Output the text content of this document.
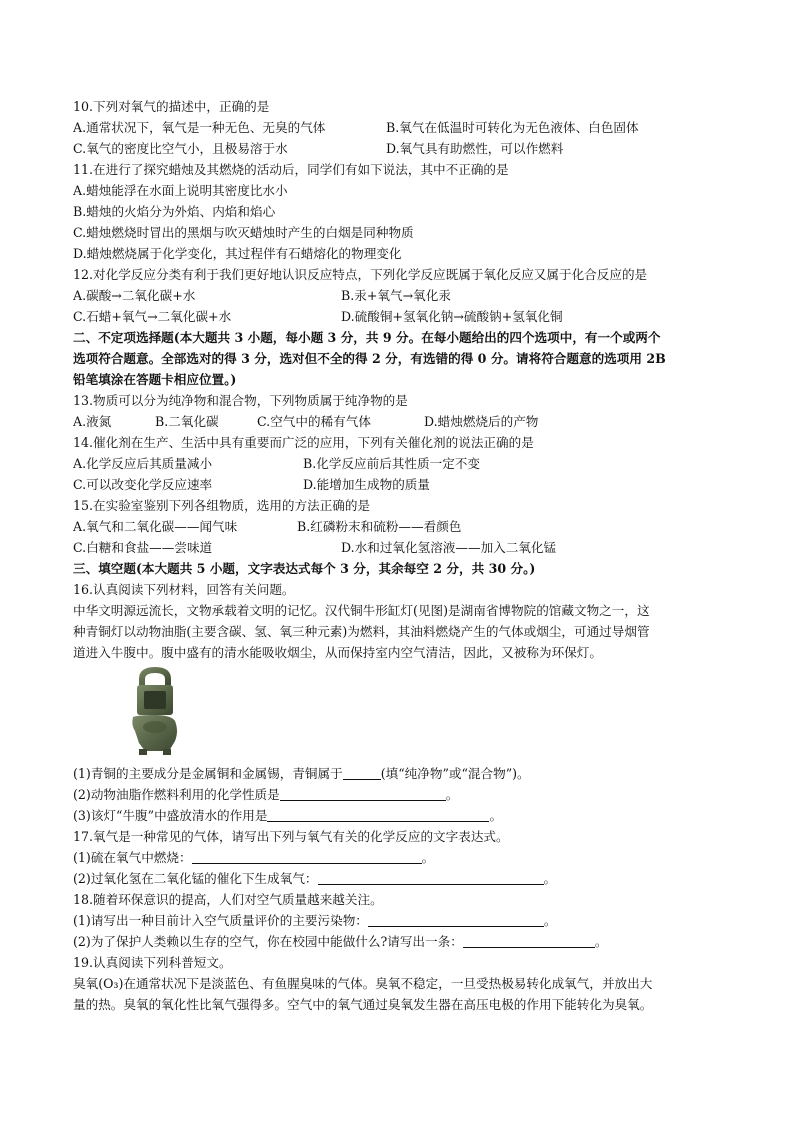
10.下列对氧气的描述中，正确的是
A.通常状况下，氧气是一种无色、无臭的气体	B.氧气在低温时可转化为无色液体、白色固体
C.氧气的密度比空气小，且极易溶于水	D.氧气具有助燃性，可以作燃料
11.在进行了探究蜡烛及其燃烧的活动后，同学们有如下说法，其中不正确的是
A.蜡烛能浮在水面上说明其密度比水小
B.蜡烛的火焰分为外焰、内焰和焰心
C.蜡烛燃烧时冒出的黑烟与吹灭蜡烛时产生的白烟是同种物质
D.蜡烛燃烧属于化学变化，其过程伴有石蜡熔化的物理变化
12.对化学反应分类有利于我们更好地认识反应特点，下列化学反应既属于氧化反应又属于化合反应的是
A.碳酸→二氧化碳+水	B.汞+氧气→氧化汞
C.石蜡+氧气→二氧化碳+水	D.硫酸铜+氢氧化钠→硫酸钠+氢氧化铜
二、不定项选择题(本大题共 3 小题，每小题 3 分，共 9 分。在每小题给出的四个选项中，有一个或两个
选项符合题意。全部选对的得 3 分，选对但不全的得 2 分，有选错的得 0 分。请将符合题意的选项用 2B
铅笔填涂在答题卡相应位置。)
13.物质可以分为纯净物和混合物，下列物质属于纯净物的是
A.液氮	B.二氧化碳	C.空气中的稀有气体	D.蜡烛燃烧后的产物
14.催化剂在生产、生活中具有重要而广泛的应用，下列有关催化剂的说法正确的是
A.化学反应后其质量减小	B.化学反应前后其性质一定不变
C.可以改变化学反应速率	D.能增加生成物的质量
15.在实验室鉴别下列各组物质，选用的方法正确的是
A.氧气和二氧化碳——闻气味	B.红磷粉末和硫粉——看颜色
C.白糖和食盐——尝味道	D.水和过氧化氢溶液——加入二氧化锰
三、填空题(本大题共 5 小题，文字表达式每个 3 分，其余每空 2 分，共 30 分。)
16.认真阅读下列材料，回答有关问题。
中华文明源远流长，文物承载着文明的记忆。汉代铜牛形缸灯(见图)是湖南省博物院的馆藏文物之一，这
种青铜灯以动物油脂(主要含碳、氢、氧三种元素)为燃料，其油料燃烧产生的气体或烟尘，可通过导烟管
道进入牛腹中。腹中盛有的清水能吸收烟尘，从而保持室内空气清洁，因此，又被称为环保灯。
(1)青铜的主要成分是金属铜和金属锡，青铜属于	(填“纯净物”或“混合物”)。
(2)动物油脂作燃料利用的化学性质是	。
(3)该灯“牛腹”中盛放清水的作用是	。
17.氧气是一种常见的气体，请写出下列与氧气有关的化学反应的文字表达式。
(1)硫在氧气中燃烧：	。
(2)过氧化氢在二氧化锰的催化下生成氧气：	。
18.随着环保意识的提高，人们对空气质量越来越关注。
(1)请写出一种目前计入空气质量评价的主要污染物：	。
(2)为了保护人类赖以生存的空气，你在校园中能做什么?请写出一条：	。
19.认真阅读下列科普短文。
臭氧(O₃)在通常状况下是淡蓝色、有鱼腥臭味的气体。臭氧不稳定，一旦受热极易转化成氧气，并放出大
量的热。臭氧的氧化性比氧气强得多。空气中的氧气通过臭氧发生器在高压电极的作用下能转化为臭氧。
